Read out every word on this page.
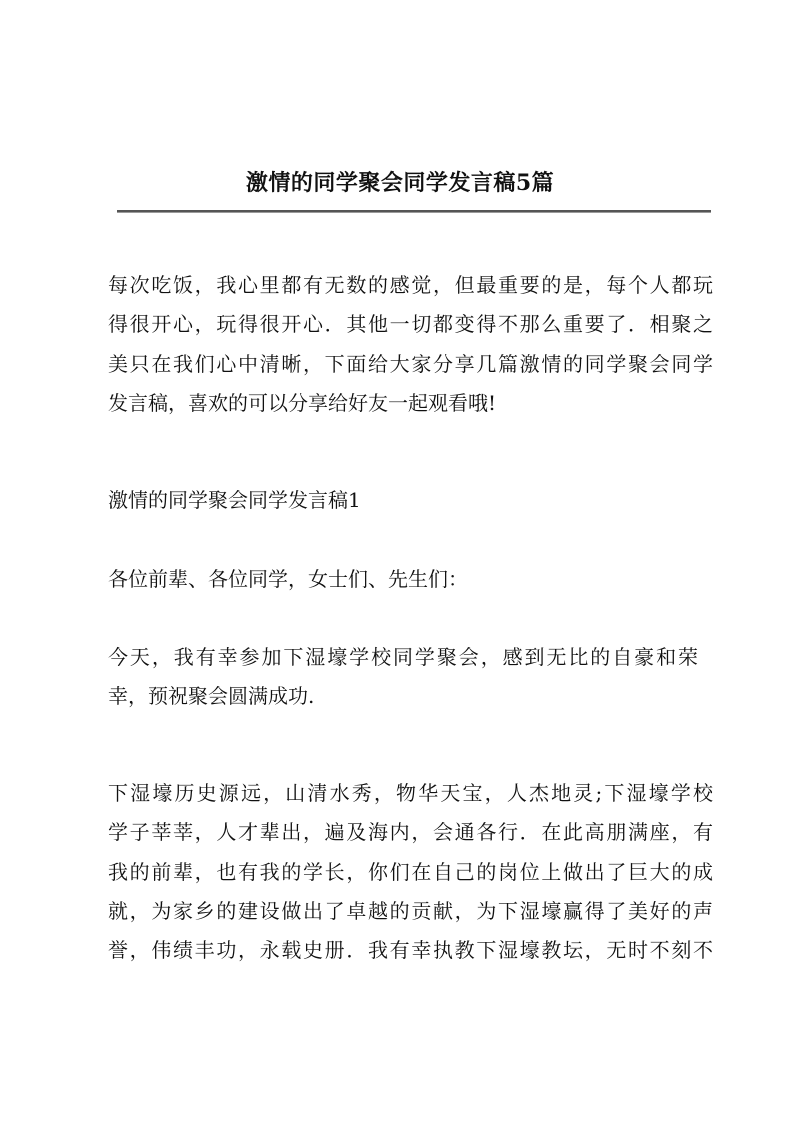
激情的同学聚会同学发言稿5篇
每次吃饭，我心里都有无数的感觉，但最重要的是，每个人都玩
得很开心，玩得很开心．其他一切都变得不那么重要了．相聚之
美只在我们心中清晰，下面给大家分享几篇激情的同学聚会同学
发言稿，喜欢的可以分享给好友一起观看哦!
激情的同学聚会同学发言稿1
各位前辈、各位同学，女士们、先生们：
今天，我有幸参加下湿壕学校同学聚会，感到无比的自豪和荣
幸，预祝聚会圆满成功.
下湿壕历史源远，山清水秀，物华天宝，人杰地灵;下湿壕学校
学子莘莘，人才辈出，遍及海内，会通各行．在此高朋满座，有
我的前辈，也有我的学长，你们在自己的岗位上做出了巨大的成
就，为家乡的建设做出了卓越的贡献，为下湿壕赢得了美好的声
誉，伟绩丰功，永载史册．我有幸执教下湿壕教坛，无时不刻不
